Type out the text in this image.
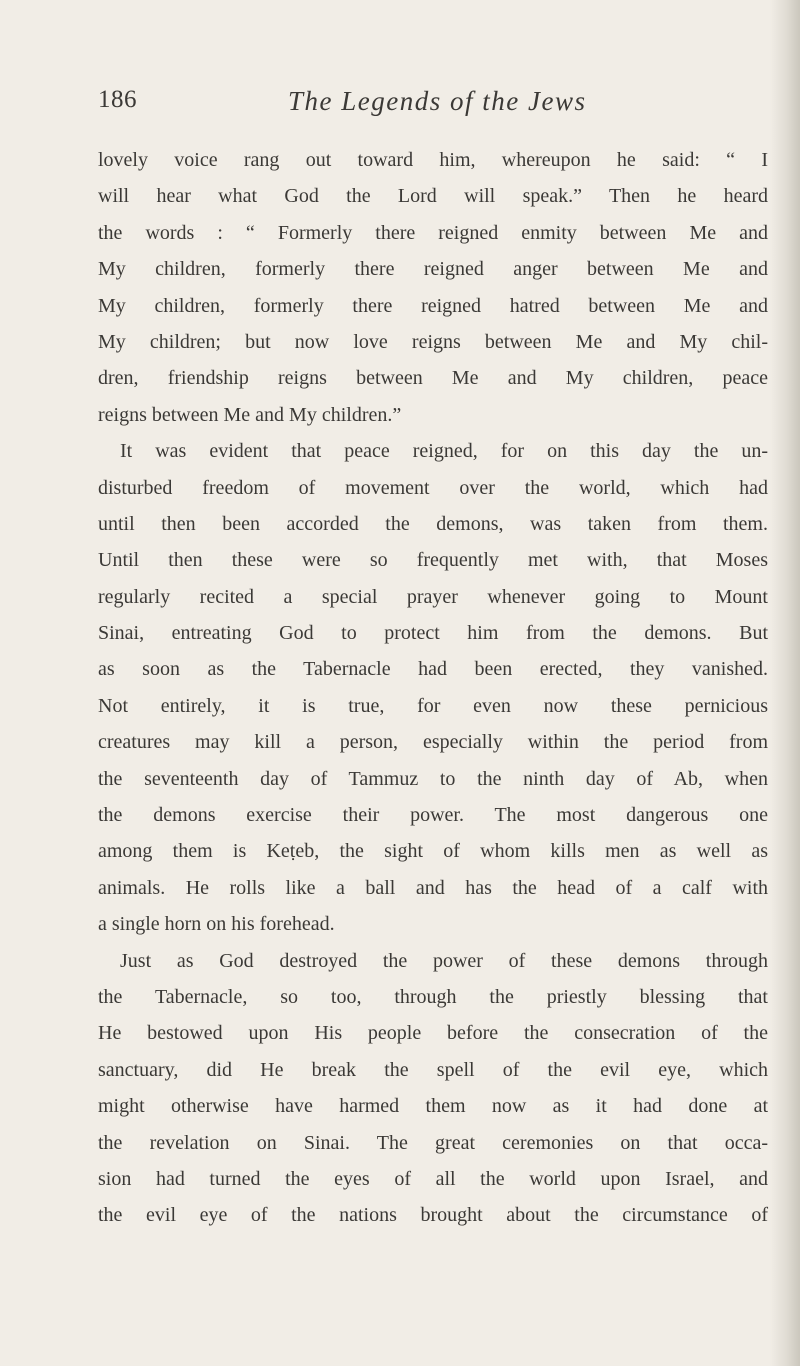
186	The Legends of the Jews
lovely voice rang out toward him, whereupon he said: “ I
will hear what God the Lord will speak.” Then he heard
the words : “ Formerly there reigned enmity between Me and
My children, formerly there reigned anger between Me and
My children, formerly there reigned hatred between Me and
My children; but now love reigns between Me and My chil-
dren, friendship reigns between Me and My children, peace
reigns between Me and My children.”
It was evident that peace reigned, for on this day the un-
disturbed freedom of movement over the world, which had
until then been accorded the demons, was taken from them.
Until then these were so frequently met with, that Moses
regularly recited a special prayer whenever going to Mount
Sinai, entreating God to protect him from the demons. But
as soon as the Tabernacle had been erected, they vanished.
Not entirely, it is true, for even now these pernicious
creatures may kill a person, especially within the period from
the seventeenth day of Tammuz to the ninth day of Ab, when
the demons exercise their power. The most dangerous one
among them is Keṭeb, the sight of whom kills men as well as
animals. He rolls like a ball and has the head of a calf with
a single horn on his forehead.
Just as God destroyed the power of these demons through
the Tabernacle, so too, through the priestly blessing that
He bestowed upon His people before the consecration of the
sanctuary, did He break the spell of the evil eye, which
might otherwise have harmed them now as it had done at
the revelation on Sinai. The great ceremonies on that occa-
sion had turned the eyes of all the world upon Israel, and
the evil eye of the nations brought about the circumstance of
